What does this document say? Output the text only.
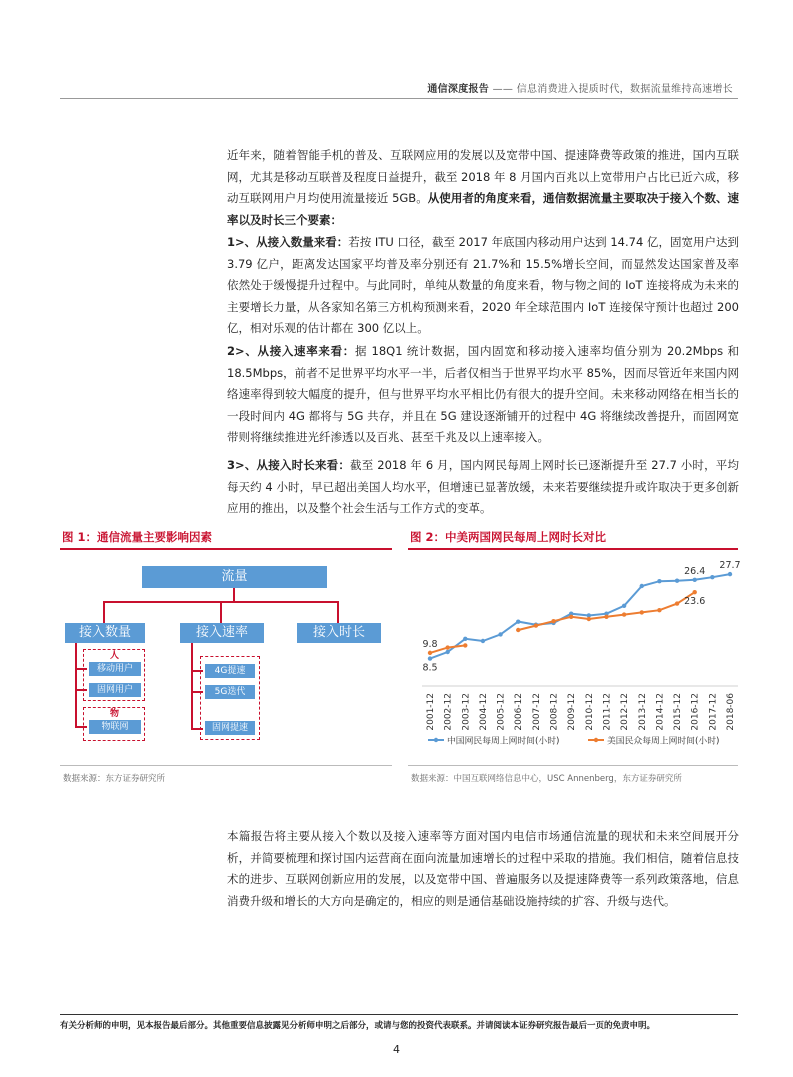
通信深度报告 —— 信息消费进入提质时代，数据流量维持高速增长
近年来，随着智能手机的普及、互联网应用的发展以及宽带中国、提速降费等政策的推进，国内互联网，尤其是移动互联普及程度日益提升，截至 2018 年 8 月国内百兆以上宽带用户占比已近六成，移动互联网用户月均使用流量接近 5GB。从使用者的角度来看，通信数据流量主要取决于接入个数、速率以及时长三个要素：
1>、从接入数量来看：若按 ITU 口径，截至 2017 年底国内移动用户达到 14.74 亿，固宽用户达到 3.79 亿户，距离发达国家平均普及率分别还有 21.7%和 15.5%增长空间，而显然发达国家普及率依然处于缓慢提升过程中。与此同时，单纯从数量的角度来看，物与物之间的 IoT 连接将成为未来的主要增长力量，从各家知名第三方机构预测来看，2020 年全球范围内 IoT 连接保守预计也超过 200 亿，相对乐观的估计都在 300 亿以上。
2>、从接入速率来看：据 18Q1 统计数据，国内固宽和移动接入速率均值分别为 20.2Mbps 和 18.5Mbps，前者不足世界平均水平一半，后者仅相当于世界平均水平 85%，因而尽管近年来国内网络速率得到较大幅度的提升，但与世界平均水平相比仍有很大的提升空间。未来移动网络在相当长的一段时间内 4G 都将与 5G 共存，并且在 5G 建设逐渐铺开的过程中 4G 将继续改善提升，而固网宽带则将继续推进光纤渗透以及百兆、甚至千兆及以上速率接入。
3>、从接入时长来看：截至 2018 年 6 月，国内网民每周上网时长已逐渐提升至 27.7 小时，平均每天约 4 小时，早已超出美国人均水平，但增速已显著放缓，未来若要继续提升或许取决于更多创新应用的推出，以及整个社会生活与工作方式的变革。
图 1：通信流量主要影响因素
流量
接入数量	接入速率	接入时长
人
移动用户
固网用户
物
物联网
4G提速
5G迭代
固网提速
数据来源：东方证券研究所
图 2：中美两国网民每周上网时长对比
2001-12 2002-12 2003-12 2004-12 2005-12 2006-12 2007-12 2008-12 2009-12 2010-12 2011-12 2012-12 2013-12 2014-12 2015-12 2016-12 2017-12 2018-06
8.5
9.8
26.4
27.7
23.6
中国网民每周上网时间(小时)	美国民众每周上网时间(小时)
数据来源：中国互联网络信息中心，USC Annenberg，东方证券研究所
本篇报告将主要从接入个数以及接入速率等方面对国内电信市场通信流量的现状和未来空间展开分析，并简要梳理和探讨国内运营商在面向流量加速增长的过程中采取的措施。我们相信，随着信息技术的进步、互联网创新应用的发展，以及宽带中国、普遍服务以及提速降费等一系列政策落地，信息消费升级和增长的大方向是确定的，相应的则是通信基础设施持续的扩容、升级与迭代。
有关分析师的申明，见本报告最后部分。其他重要信息披露见分析师申明之后部分，或请与您的投资代表联系。并请阅读本证券研究报告最后一页的免责申明。
4
